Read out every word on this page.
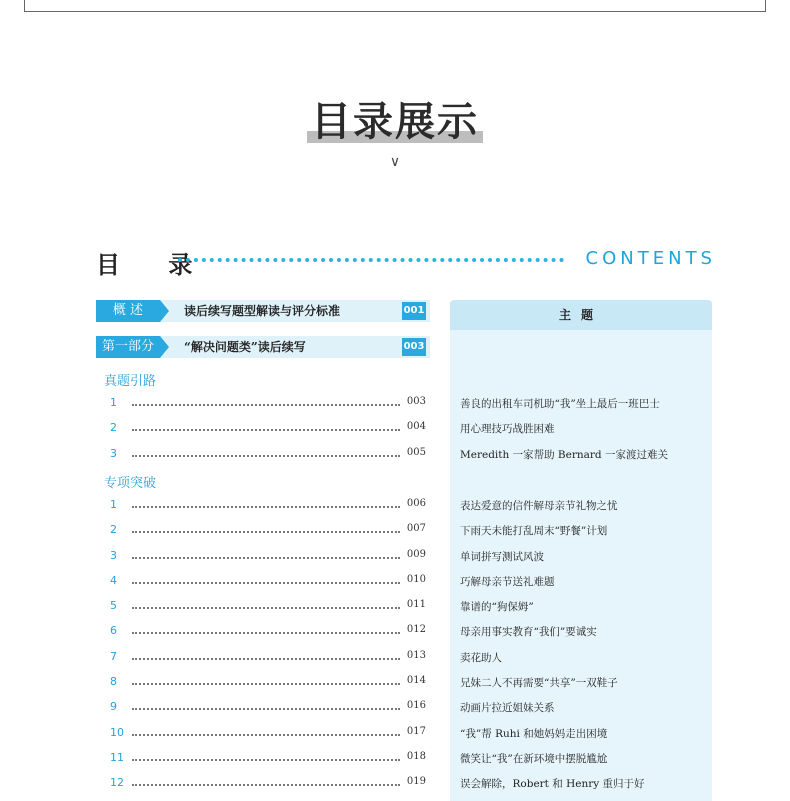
目录展示
∨
目 录	CONTENTS
概 述	读后续写题型解读与评分标准	001
第一部分	“解决问题类”读后续写	003
主题
真题引路
1	003	善良的出租车司机助“我”坐上最后一班巴士
2	004	用心理技巧战胜困难
3	005	Meredith 一家帮助 Bernard 一家渡过难关
专项突破
1	006	表达爱意的信件解母亲节礼物之忧
2	007	下雨天未能打乱周末“野餐”计划
3	009	单词拼写测试风波
4	010	巧解母亲节送礼难题
5	011	靠谱的“狗保姆”
6	012	母亲用事实教育“我们”要诚实
7	013	卖花助人
8	014	兄妹二人不再需要“共享”一双鞋子
9	016	动画片拉近姐妹关系
10	017	“我”帮 Ruhi 和她妈妈走出困境
11	018	微笑让“我”在新环境中摆脱尴尬
12	019	误会解除，Robert 和 Henry 重归于好
